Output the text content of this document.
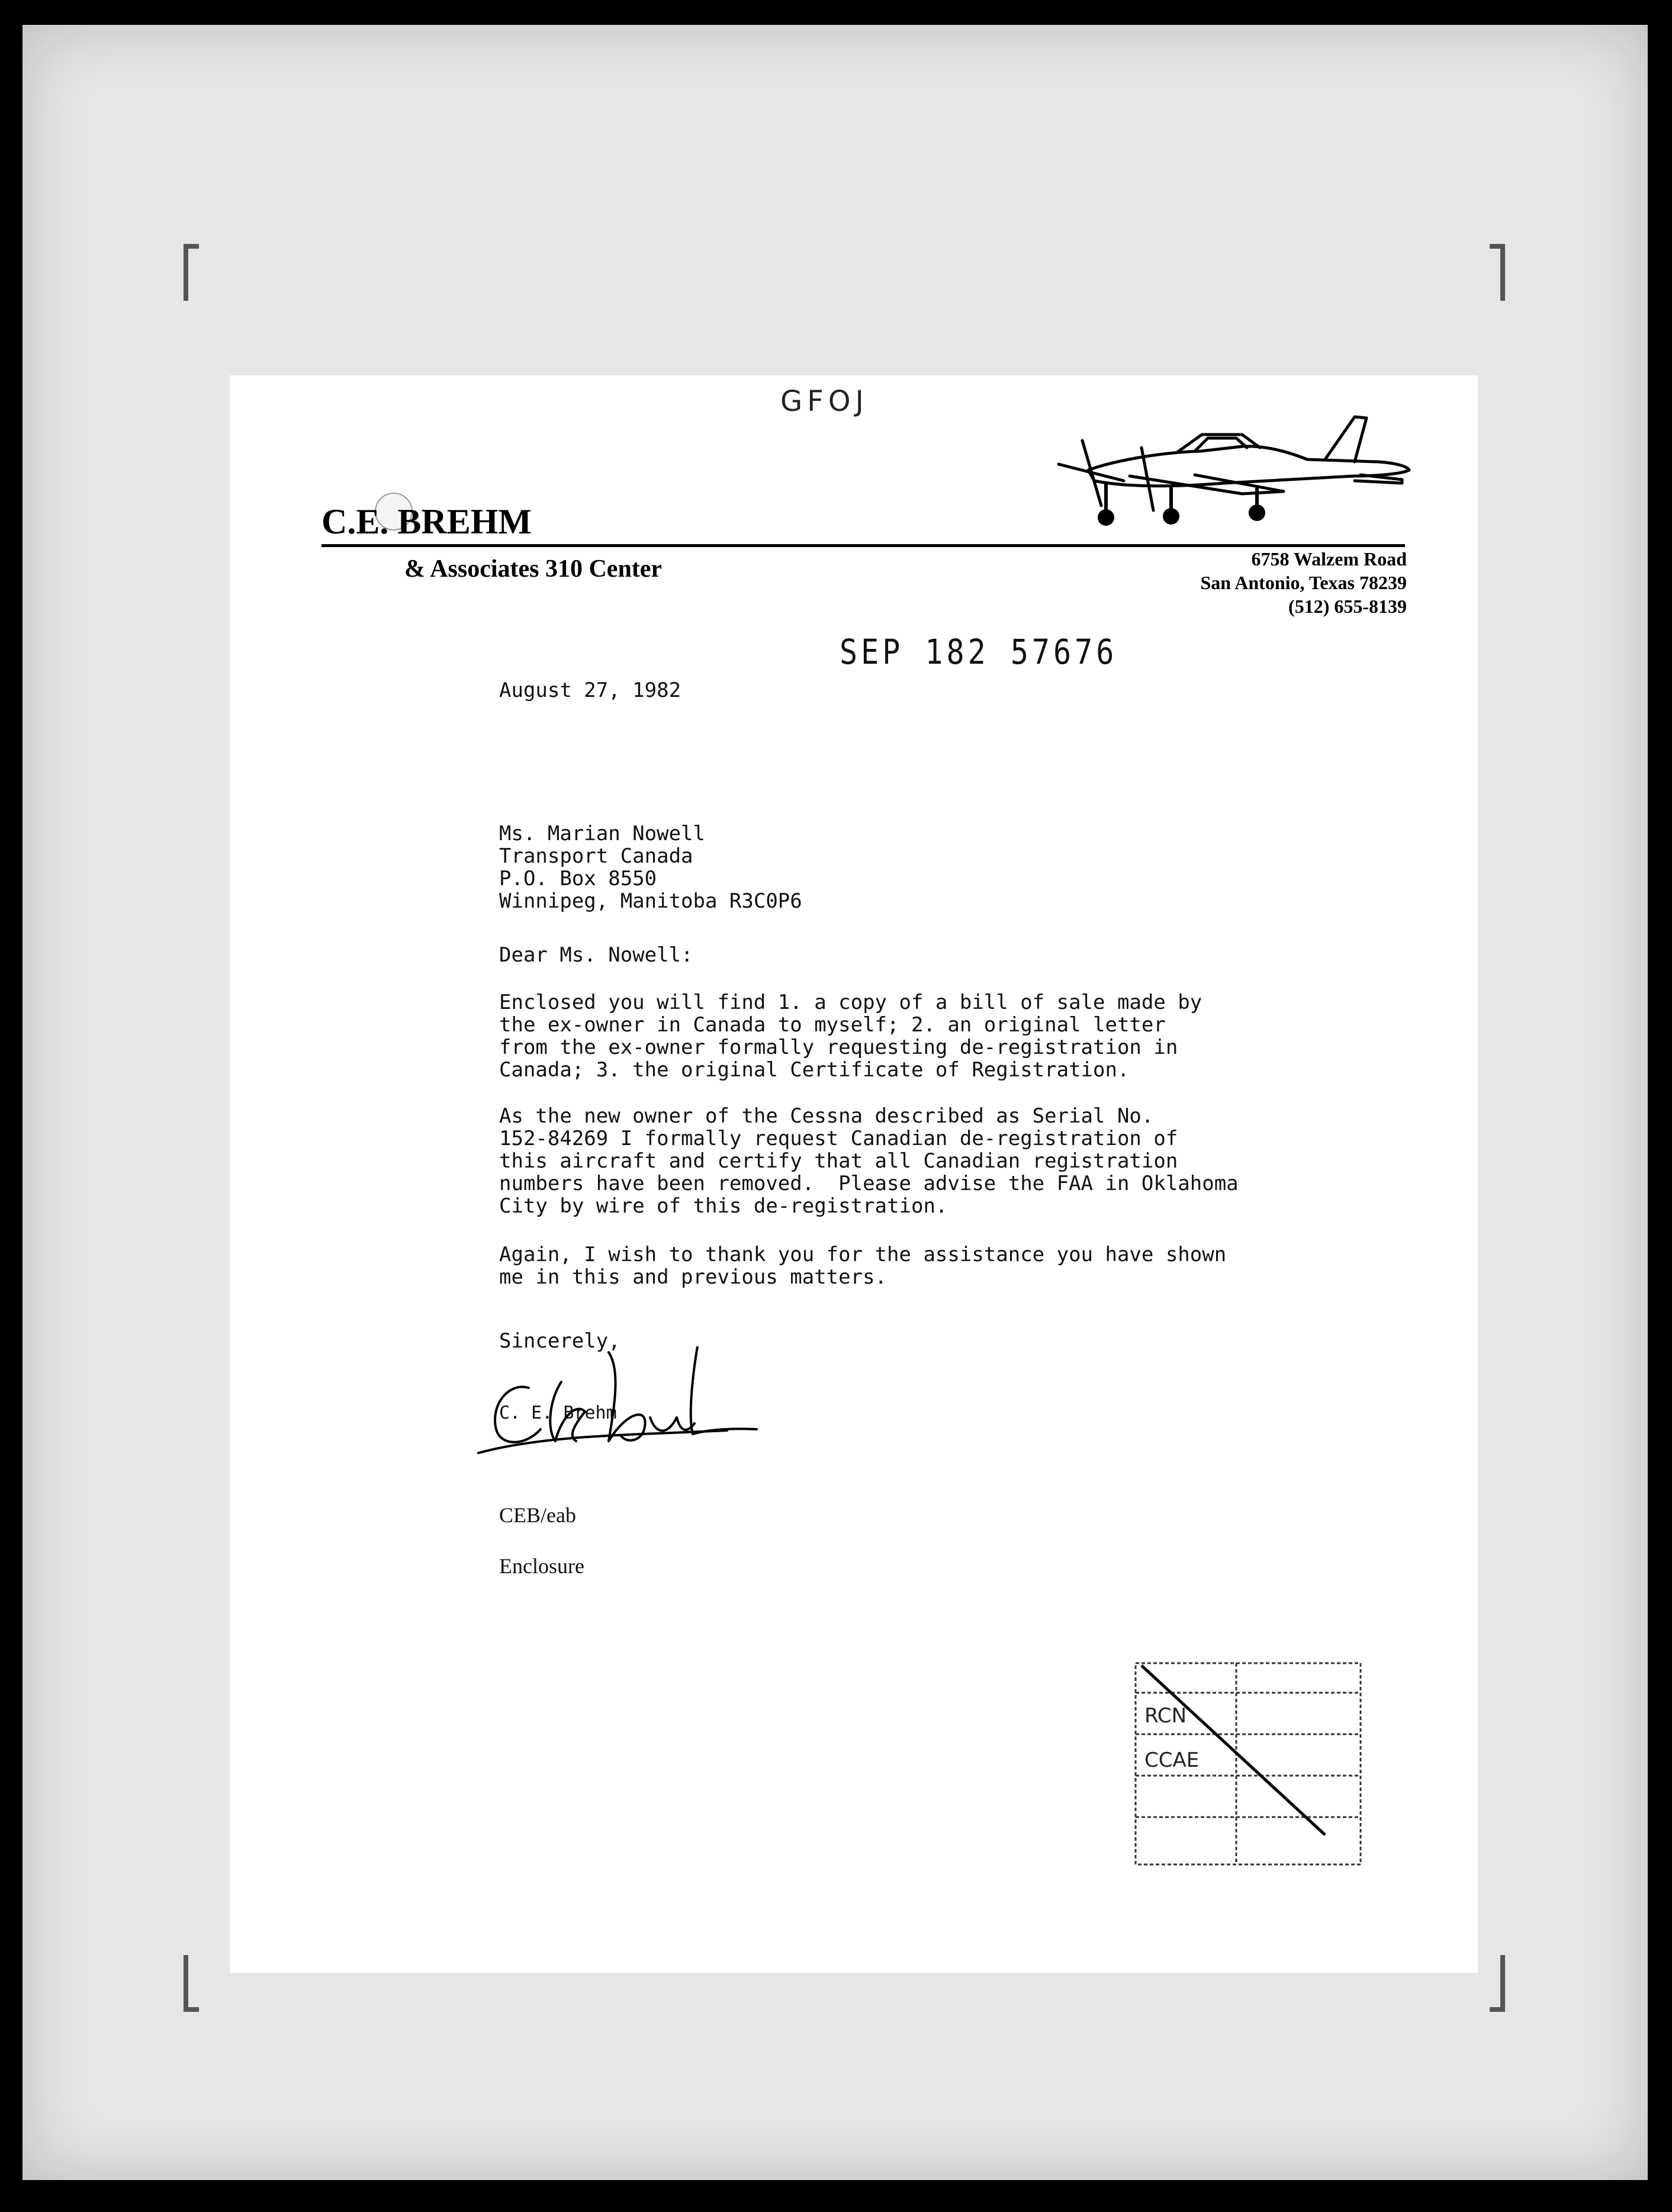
GFOJ
C.E. BREHM
& Associates 310 Center	6758 Walzem Road
San Antonio, Texas 78239
(512) 655-8139
SEP 182 57676
August 27, 1982
Ms. Marian Nowell
Transport Canada
P.O. Box 8550
Winnipeg, Manitoba R3C0P6
Dear Ms. Nowell:
Enclosed you will find 1. a copy of a bill of sale made by
the ex-owner in Canada to myself; 2. an original letter
from the ex-owner formally requesting de-registration in
Canada; 3. the original Certificate of Registration.
As the new owner of the Cessna described as Serial No.
152-84269 I formally request Canadian de-registration of
this aircraft and certify that all Canadian registration
numbers have been removed.  Please advise the FAA in Oklahoma
City by wire of this de-registration.
Again, I wish to thank you for the assistance you have shown
me in this and previous matters.
Sincerely,
C. E. Brehm
CEB/eab
Enclosure
RCN
CCAE
